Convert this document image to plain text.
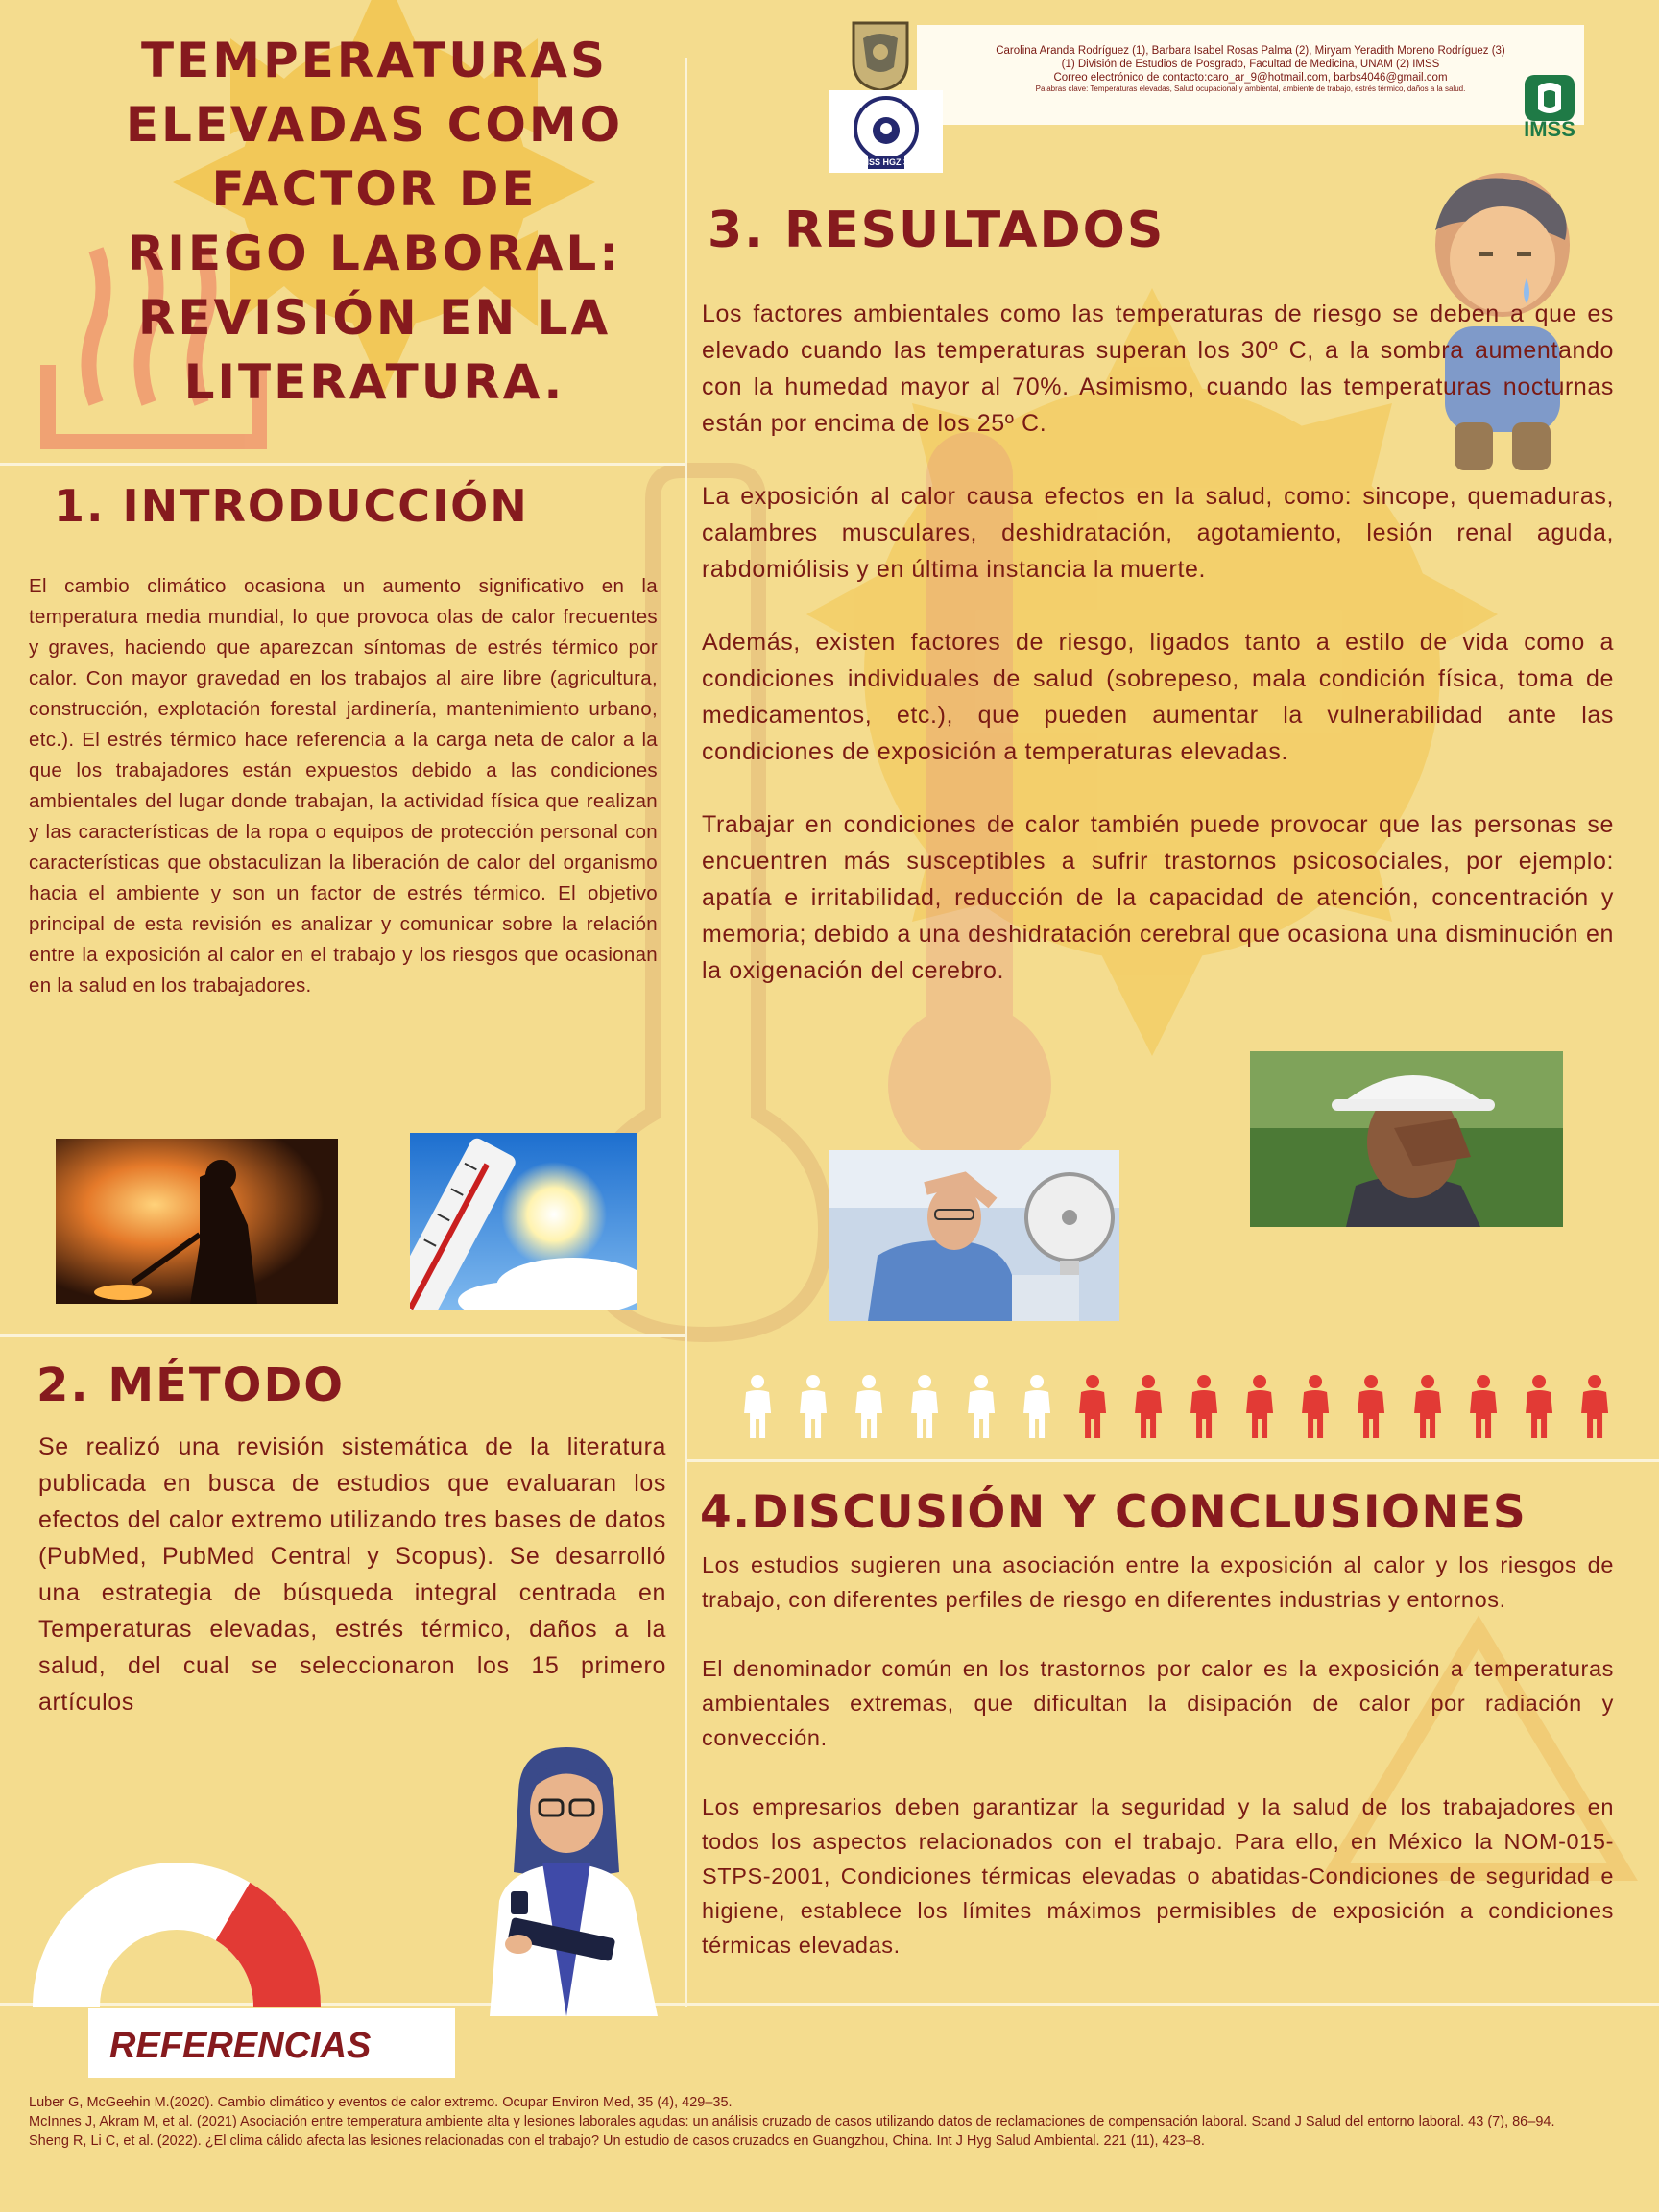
TEMPERATURAS
ELEVADAS COMO
FACTOR DE
RIEGO LABORAL:
REVISIÓN EN LA
LITERATURA.
Carolina Aranda Rodríguez (1), Barbara Isabel Rosas Palma (2), Miryam Yeradith Moreno Rodríguez (3)
(1) División de Estudios de Posgrado, Facultad de Medicina, UNAM (2) IMSS
Correo electrónico de contacto:caro_ar_9@hotmail.com, barbs4046@gmail.com
Palabras clave: Temperaturas elevadas, Salud ocupacional y ambiental, ambiente de trabajo, estrés térmico, daños a la salud.
IMSS HGZ 32
IMSS
1. INTRODUCCIÓN

El cambio climático ocasiona un aumento significativo en la temperatura media mundial, lo que provoca olas de calor frecuentes y graves, haciendo que aparezcan síntomas de estrés térmico por calor. Con mayor gravedad en los trabajos al aire libre (agricultura, construcción, explotación forestal jardinería, mantenimiento urbano, etc.). El estrés térmico hace referencia a la carga neta de calor a la que los trabajadores están expuestos debido a las condiciones ambientales del lugar donde trabajan, la actividad física que realizan y las características de la ropa o equipos de protección personal con características que obstaculizan la liberación de calor del organismo hacia el ambiente y son un factor de estrés térmico. El objetivo principal de esta revisión es analizar y comunicar sobre la relación entre la exposición al calor en el trabajo y los riesgos que ocasionan en la salud en los trabajadores.

2. MÉTODO

Se realizó una revisión sistemática de la literatura publicada en busca de estudios que evaluaran los efectos del calor extremo utilizando tres bases de datos (PubMed, PubMed Central y Scopus). Se desarrolló una estrategia de búsqueda integral centrada en Temperaturas elevadas, estrés térmico, daños a la salud, del cual se seleccionaron los 15 primero artículos

3. RESULTADOS

Los factores ambientales como las temperaturas de riesgo se deben a que es elevado cuando las temperaturas superan los 30º C, a la sombra aumentando con la humedad mayor al 70%. Asimismo, cuando las temperaturas nocturnas están por encima de los 25º C.

La exposición al calor causa efectos en la salud, como: sincope, quemaduras, calambres musculares, deshidratación, agotamiento, lesión renal aguda, rabdomiólisis y en última instancia la muerte.

Además, existen factores de riesgo, ligados tanto a estilo de vida como a condiciones individuales de salud (sobrepeso, mala condición física, toma de medicamentos, etc.), que pueden aumentar la vulnerabilidad ante las condiciones de exposición a temperaturas elevadas.

Trabajar en condiciones de calor también puede provocar que las personas se encuentren más susceptibles a sufrir trastornos psicosociales, por ejemplo: apatía e irritabilidad, reducción de la capacidad de atención, concentración y memoria; debido a una deshidratación cerebral que ocasiona una disminución en la oxigenación del cerebro.

4.DISCUSIÓN Y CONCLUSIONES

Los estudios sugieren una asociación entre la exposición al calor y los riesgos de trabajo, con diferentes perfiles de riesgo en diferentes industrias y entornos.

El denominador común en los trastornos por calor es la exposición a temperaturas ambientales extremas, que dificultan la disipación de calor por radiación y convección.

Los empresarios deben garantizar la seguridad y la salud de los trabajadores en todos los aspectos relacionados con el trabajo. Para ello, en México la NOM-015-STPS-2001, Condiciones térmicas elevadas o abatidas-Condiciones de seguridad e higiene, establece los límites máximos permisibles de exposición a condiciones térmicas elevadas.

REFERENCIAS
Luber G, McGeehin M.(2020). Cambio climático y eventos de calor extremo. Ocupar Environ Med, 35 (4), 429–35.
McInnes J, Akram M, et al. (2021) Asociación entre temperatura ambiente alta y lesiones laborales agudas: un análisis cruzado de casos utilizando datos de reclamaciones de compensación laboral. Scand J Salud del entorno laboral. 43 (7), 86–94.
Sheng R, Li C, et al. (2022). ¿El clima cálido afecta las lesiones relacionadas con el trabajo? Un estudio de casos cruzados en Guangzhou, China. Int J Hyg Salud Ambiental. 221 (11), 423–8.
